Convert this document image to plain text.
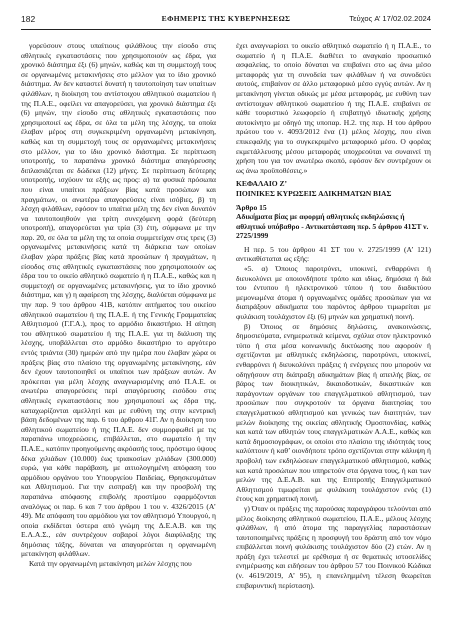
182	ΕΦΗΜΕΡΙΣ ΤΗΣ ΚΥΒΕΡΝΗΣΕΩΣ	Τεύχος A’ 17/02.02.2024

γορεύσουν στους υπαίτιους φιλάθλους την είσοδο στις αθλητικές εγκαταστάσεις που χρησιμοποιούν ως έδρα, για χρονικό διάστημα έξι (6) μηνών, καθώς και τη συμμετοχή τους σε οργανωμένες μετακινήσεις στο μέλλον για το ίδιο χρονικό διάστημα. Αν δεν καταστεί δυνατή η ταυτοποίηση των υπαίτιων φιλάθλων, η διοίκηση του αντίστοιχου αθλητικού σωματείου ή της Π.Α.Ε., οφείλει να απαγορεύσει, για χρονικό διάστημα έξι (6) μηνών, την είσοδο στις αθλητικές εγκαταστάσεις που χρησιμοποιεί ως έδρα, σε όλα τα μέλη της λέσχης, τα οποία έλαβαν μέρος στη συγκεκριμένη οργανωμένη μετακίνηση, καθώς και τη συμμετοχή τους σε οργανωμένες μετακινήσεις στο μέλλον, για το ίδιο χρονικό διάστημα. Σε περίπτωση υποτροπής, το παραπάνω χρονικό διάστημα απαγόρευσης διπλασιάζεται σε δώδεκα (12) μήνες. Σε περίπτωση δεύτερης υποτροπής, ισχύουν τα εξής ως προς: α) τα φυσικά πρόσωπα που είναι υπαίτιοι πράξεων βίας κατά προσώπων και πραγμάτων, οι ανωτέρω απαγορεύσεις είναι ισόβιες, β) τη λέσχη φιλάθλων, εφόσον το υπαίτια μέλη της δεν είναι δυνατόν να ταυτοποιηθούν για τρίτη συνεχόμενη φορά (δεύτερη υποτροπή), απαγορεύεται για τρία (3) έτη, σύμφωνα με την παρ. 20, σε όλα τα μέλη της τα οποία συμμετείχαν στις τρεις (3) οργανωμένες μετακινήσεις κατά τη διάρκεια των οποίων έλαβαν χώρα πράξεις βίας κατά προσώπων ή πραγμάτων, η είσοδος στις αθλητικές εγκαταστάσεις που χρησιμοποιούν ως έδρα του το οικείο αθλητικό σωματείο ή η Π.Α.Ε., καθώς και η συμμετοχή σε οργανωμένες μετακινήσεις, για το ίδιο χρονικό διάστημα, και γ) η αφαίρεση της λέσχης, διαλύεται σύμφωνα με την παρ. 9 του άρθρου 41Β, κατόπιν αιτήματος του οικείου αθλητικού σωματείου ή της Π.Α.Ε. ή της Γενικής Γραμματείας Αθλητισμού (Γ.Γ.Α.), προς το αρμόδιο δικαστήριο. Η αίτηση του αθλητικού σωματείου ή της Π.Α.Ε. για τη διάλυση της λέσχης, υποβάλλεται στο αρμόδιο δικαστήριο το αργότερο εντός τριάντα (30) ημερών από την ημέρα που έλαβαν χώρα οι πράξεις βίας στο πλαίσιο της οργανωμένης μετακίνησης, εάν δεν έχουν ταυτοποιηθεί οι υπαίτιοι των πράξεων αυτών. Αν πρόκειται για μέλη λέσχης αναγνωρισμένης από Π.Α.Ε. οι ανωτέρω απαγορεύσεις περί απαγόρευσης εισόδου στις αθλητικές εγκαταστάσεις που χρησιμοποιεί ως έδρα της, καταχωρίζονται αμελλητί και με ευθύνη της στην κεντρική βάση δεδομένων της παρ. 6 του άρθρου 41Γ. Αν η διοίκηση του αθλητικού σωματείου ή της Π.Α.Ε. δεν συμμορφωθεί με τις παραπάνω υποχρεώσεις, επιβάλλεται, στο σωματείο ή την Π.Α.Ε., κατόπιν προηγούμενης ακρόασής τους, πρόστιμο ύψους δέκα χιλιάδων (10.000) έως τριακοσίων χιλιάδων (300.000) ευρώ, για κάθε παράβαση, με αιτιολογημένη απόφαση του αρμόδιου οργάνου του Υπουργείου Παιδείας, Θρησκευμάτων και Αθλητισμού. Για την εισπραξή και την προσβολή της παραπάνω απόφασης επιβολής προστίμου εφαρμόζονται αναλόγως οι παρ. 6 και 7 του άρθρου 1 του ν. 4326/2015 (Α’ 49). Με απόφαση του αρμόδιου για τον αθλητισμό Υπουργού, η οποία εκδίδεται ύστερα από γνώμη της Δ.Ε.Α.Β. και της Ε.Λ.Α.Σ., εάν συντρέχουν σοβαροί λόγοι διαφύλαξης της δημόσιας τάξης, δύναται να απαγορεύεται η οργανωμένη μετακίνηση φιλάθλων.

Κατά την οργανωμένη μετακίνηση μελών λέσχης που

έχει αναγνωρίσει το οικείο αθλητικό σωματείο ή η Π.Α.Ε., το σωματείο ή η Π.Α.Ε. διαθέτει το αναγκαίο προσωπικό ασφαλείας, το οποίο δύναται να επιβαίνει στο ως άνω μέσο μεταφοράς για τη συνοδεία των φιλάθλων ή να συνοδεύει αυτούς, επιβαίνον σε άλλο μεταφορικό μέσο εγγύς αυτών. Αν η μετακίνηση γίνεται οδικώς με μέσα μεταφοράς, με ευθύνη των αντίστοιχων αθλητικού σωματείου ή της Π.Α.Ε. επιβαίνει σε κάθε τουριστικό λεωφορείο ή επιβατηγό ιδιωτικής χρήσης αυτοκίνητο με οδηγό της υποπαρ. Η.2. της περ. Η του άρθρου πρώτου του ν. 4093/2012 ένα (1) μέλος λέσχης, που είναι επικεφαλής για το συγκεκριμένο μεταφορικό μέσο. Ο φορέας εκμετάλλευσης μέσου μεταφοράς υποχρεούται να συναινεί τη χρήση του για τον ανωτέρω σκοπό, εφόσον δεν συντρέχουν οι ως άνω προϋποθέσεις.»

ΚΕΦΑΛΑΙΟ Ζ’

ΠΟΙΝΙΚΕΣ ΚΥΡΩΣΕΙΣ ΑΔΙΚΗΜΑΤΩΝ ΒΙΑΣ

Άρθρο 15

Αδικήματα βίας με αφορμή αθλητικές εκδηλώσεις ή αθλητικό υπόβαθρο - Αντικατάσταση περ. 5 άρθρου 41ΣΤ ν. 2725/1999

Η περ. 5 του άρθρου 41 ΣΤ του ν. 2725/1999 (Α’ 121) αντικαθίσταται ως εξής:

«5. α) Όποιος παροτρύνει, υποκινεί, ενθαρρύνει ή διευκολύνει με οποιονδήποτε τρόπο και ιδίως, δημόσια ή διά του έντυπου ή ηλεκτρονικού τύπου ή του διαδικτύου μεμονωμένα άτομα ή οργανωμένες ομάδες προσώπων για να διαπράξουν αδικήματα του παρόντος άρθρου τιμωρείται με φυλάκιση τουλάχιστον έξι (6) μηνών και χρηματική ποινή.

β) Όποιος σε δημόσιες δηλώσεις, ανακοινώσεις, δημοσιεύματα, ενημερωτικά κείμενα, σχόλια στον ηλεκτρονικό τύπο ή στα μέσα κοινωνικής δικτύωσης που αφορούν ή σχετίζονται με αθλητικές εκδηλώσεις, παροτρύνει, υποκινεί, ενθαρρύνει ή διευκολύνει πράξεις ή ενέργειες που μπορούν να οδηγήσουν στη διάπραξη αδικημάτων βίας ή απειλής βίας, σε βάρος των διοικητικών, δικαιοδοτικών, δικαστικών και παράγοντων οργάνων του επαγγελματικού αθλητισμού, των προσώπων που συγκροτούν τα όργανα διαιτησίας του επαγγελματικού αθλητισμού και γενικώς των διαιτητών, των μελών διοίκησης της οικείας αθλητικής Ομοσπονδίας, καθώς και κατά των αθλητών τους επαγγελματικών Α.Α.Ε., καθώς και κατά δημοσιογράφων, οι οποίοι στο πλαίσιο της ιδιότητάς τους καλύπτουν ή καθ’ οιονδήποτε τρόπο σχετίζονται στην κάλυψη ή προβολή των εκδηλώσεων επαγγελματικού αθλητισμού, καθώς και κατά προσώπων που υπηρετούν στα όργανα τους, ή και των μελών της Δ.Ε.Α.Β. και της Επιτροπής Επαγγελματικού Αθλητισμού τιμωρείται με φυλάκιση τουλάχιστον ενός (1) έτους και χρηματική ποινή.

γ) Όταν οι πράξεις της παρούσας παραγράφου τελούνται από μέλος διοίκησης αθλητικού σωματείου, Π.Α.Ε., μέλους λέσχης φιλάθλων, ή από άτομα της παραγγελίας παραστάσεων ταυτοποιημένες πράξεις η προσφυγή του δράστη από τον νόμο επιβάλλεται ποινή φυλάκισης τουλάχιστον δύο (2) ετών. Αν η πράξη έχει τελεστεί με ερέθισμα ή σε θεματικές ιστοσελίδες ενημέρωσης και ειδήσεων του άρθρου 57 του Ποινικού Κώδικα (ν. 4619/2019, Α’ 95), η επανελημμένη τέλεση θεωρείται επιβαρυντική περίσταση).
